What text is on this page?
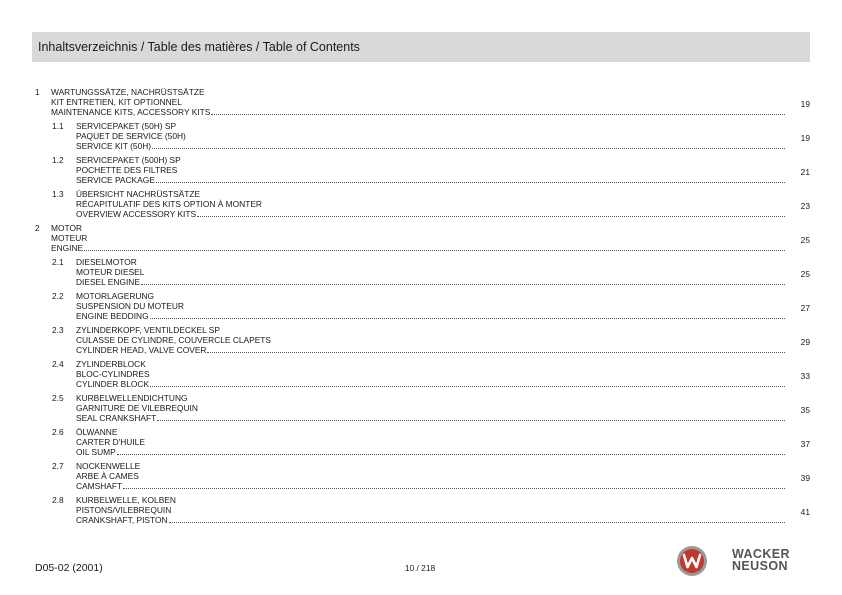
Inhaltsverzeichnis / Table des matières / Table of Contents
1 WARTUNGSSÄTZE, NACHRÜSTSÄTZE
KIT ENTRETIEN, KIT OPTIONNEL
MAINTENANCE KITS, ACCESSORY KITS
19
1.1 SERVICEPAKET (50H) SP
PAQUET DE SERVICE (50H)
SERVICE KIT (50H)
19
1.2 SERVICEPAKET (500H) SP
POCHETTE DES FILTRES
SERVICE PACKAGE
21
1.3 ÜBERSICHT NACHRÜSTSÄTZE
RÉCAPITULATIF DES KITS OPTION À MONTER
OVERVIEW ACCESSORY KITS
23
2 MOTOR
MOTEUR
ENGINE
25
2.1 DIESELMOTOR
MOTEUR DIESEL
DIESEL ENGINE
25
2.2 MOTORLAGERUNG
SUSPENSION DU MOTEUR
ENGINE BEDDING
27
2.3 ZYLINDERKOPF, VENTILDECKEL SP
CULASSE DE CYLINDRE, COUVERCLE CLAPETS
CYLINDER HEAD, VALVE COVER
29
2.4 ZYLINDERBLOCK
BLOC-CYLINDRES
CYLINDER BLOCK
33
2.5 KURBELWELLENDICHTUNG
GARNITURE DE VILEBREQUIN
SEAL CRANKSHAFT
35
2.6 ÖLWANNE
CARTER D'HUILE
OIL SUMP
37
2.7 NOCKENWELLE
ARBE À CAMES
CAMSHAFT
39
2.8 KURBELWELLE, KOLBEN
PISTONS/VILEBREQUIN
CRANKSHAFT, PISTON
41
D05-02 (2001)	10 / 218
WACKER
NEUSON
